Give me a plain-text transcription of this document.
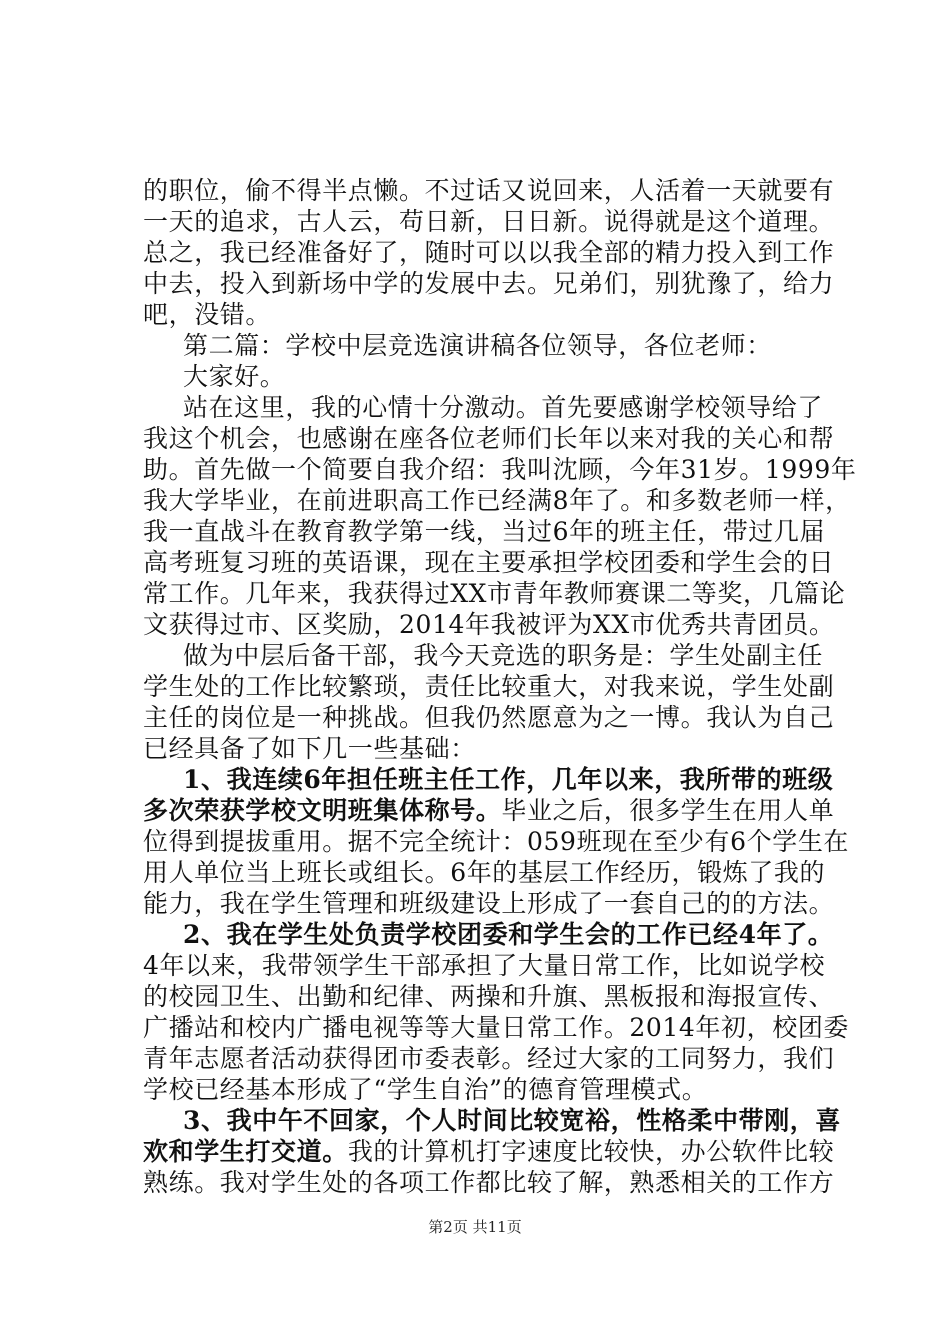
的职位，偷不得半点懒。不过话又说回来，人活着一天就要有
一天的追求，古人云，苟日新，日日新。说得就是这个道理。
总之，我已经准备好了，随时可以以我全部的精力投入到工作
中去，投入到新场中学的发展中去。兄弟们，别犹豫了，给力
吧，没错。
第二篇：学校中层竞选演讲稿各位领导，各位老师：
大家好。
站在这里，我的心情十分激动。首先要感谢学校领导给了
我这个机会，也感谢在座各位老师们长年以来对我的关心和帮
助。首先做一个简要自我介绍：我叫沈顾，今年31岁。1999年
我大学毕业，在前进职高工作已经满8年了。和多数老师一样，
我一直战斗在教育教学第一线，当过6年的班主任，带过几届
高考班复习班的英语课，现在主要承担学校团委和学生会的日
常工作。几年来，我获得过XX市青年教师赛课二等奖，几篇论
文获得过市、区奖励，2014年我被评为XX市优秀共青团员。
做为中层后备干部，我今天竞选的职务是：学生处副主任
学生处的工作比较繁琐，责任比较重大，对我来说，学生处副
主任的岗位是一种挑战。但我仍然愿意为之一博。我认为自己
已经具备了如下几一些基础：
1、我连续6年担任班主任工作，几年以来，我所带的班级
多次荣获学校文明班集体称号。毕业之后，很多学生在用人单
位得到提拔重用。据不完全统计：059班现在至少有6个学生在
用人单位当上班长或组长。6年的基层工作经历，锻炼了我的
能力，我在学生管理和班级建设上形成了一套自己的的方法。
2、我在学生处负责学校团委和学生会的工作已经4年了。
4年以来，我带领学生干部承担了大量日常工作，比如说学校
的校园卫生、出勤和纪律、两操和升旗、黑板报和海报宣传、
广播站和校内广播电视等等大量日常工作。2014年初，校团委
青年志愿者活动获得团市委表彰。经过大家的工同努力，我们
学校已经基本形成了“学生自治”的德育管理模式。
3、我中午不回家，个人时间比较宽裕，性格柔中带刚，喜
欢和学生打交道。我的计算机打字速度比较快，办公软件比较
熟练。我对学生处的各项工作都比较了解，熟悉相关的工作方
第2页 共11页
